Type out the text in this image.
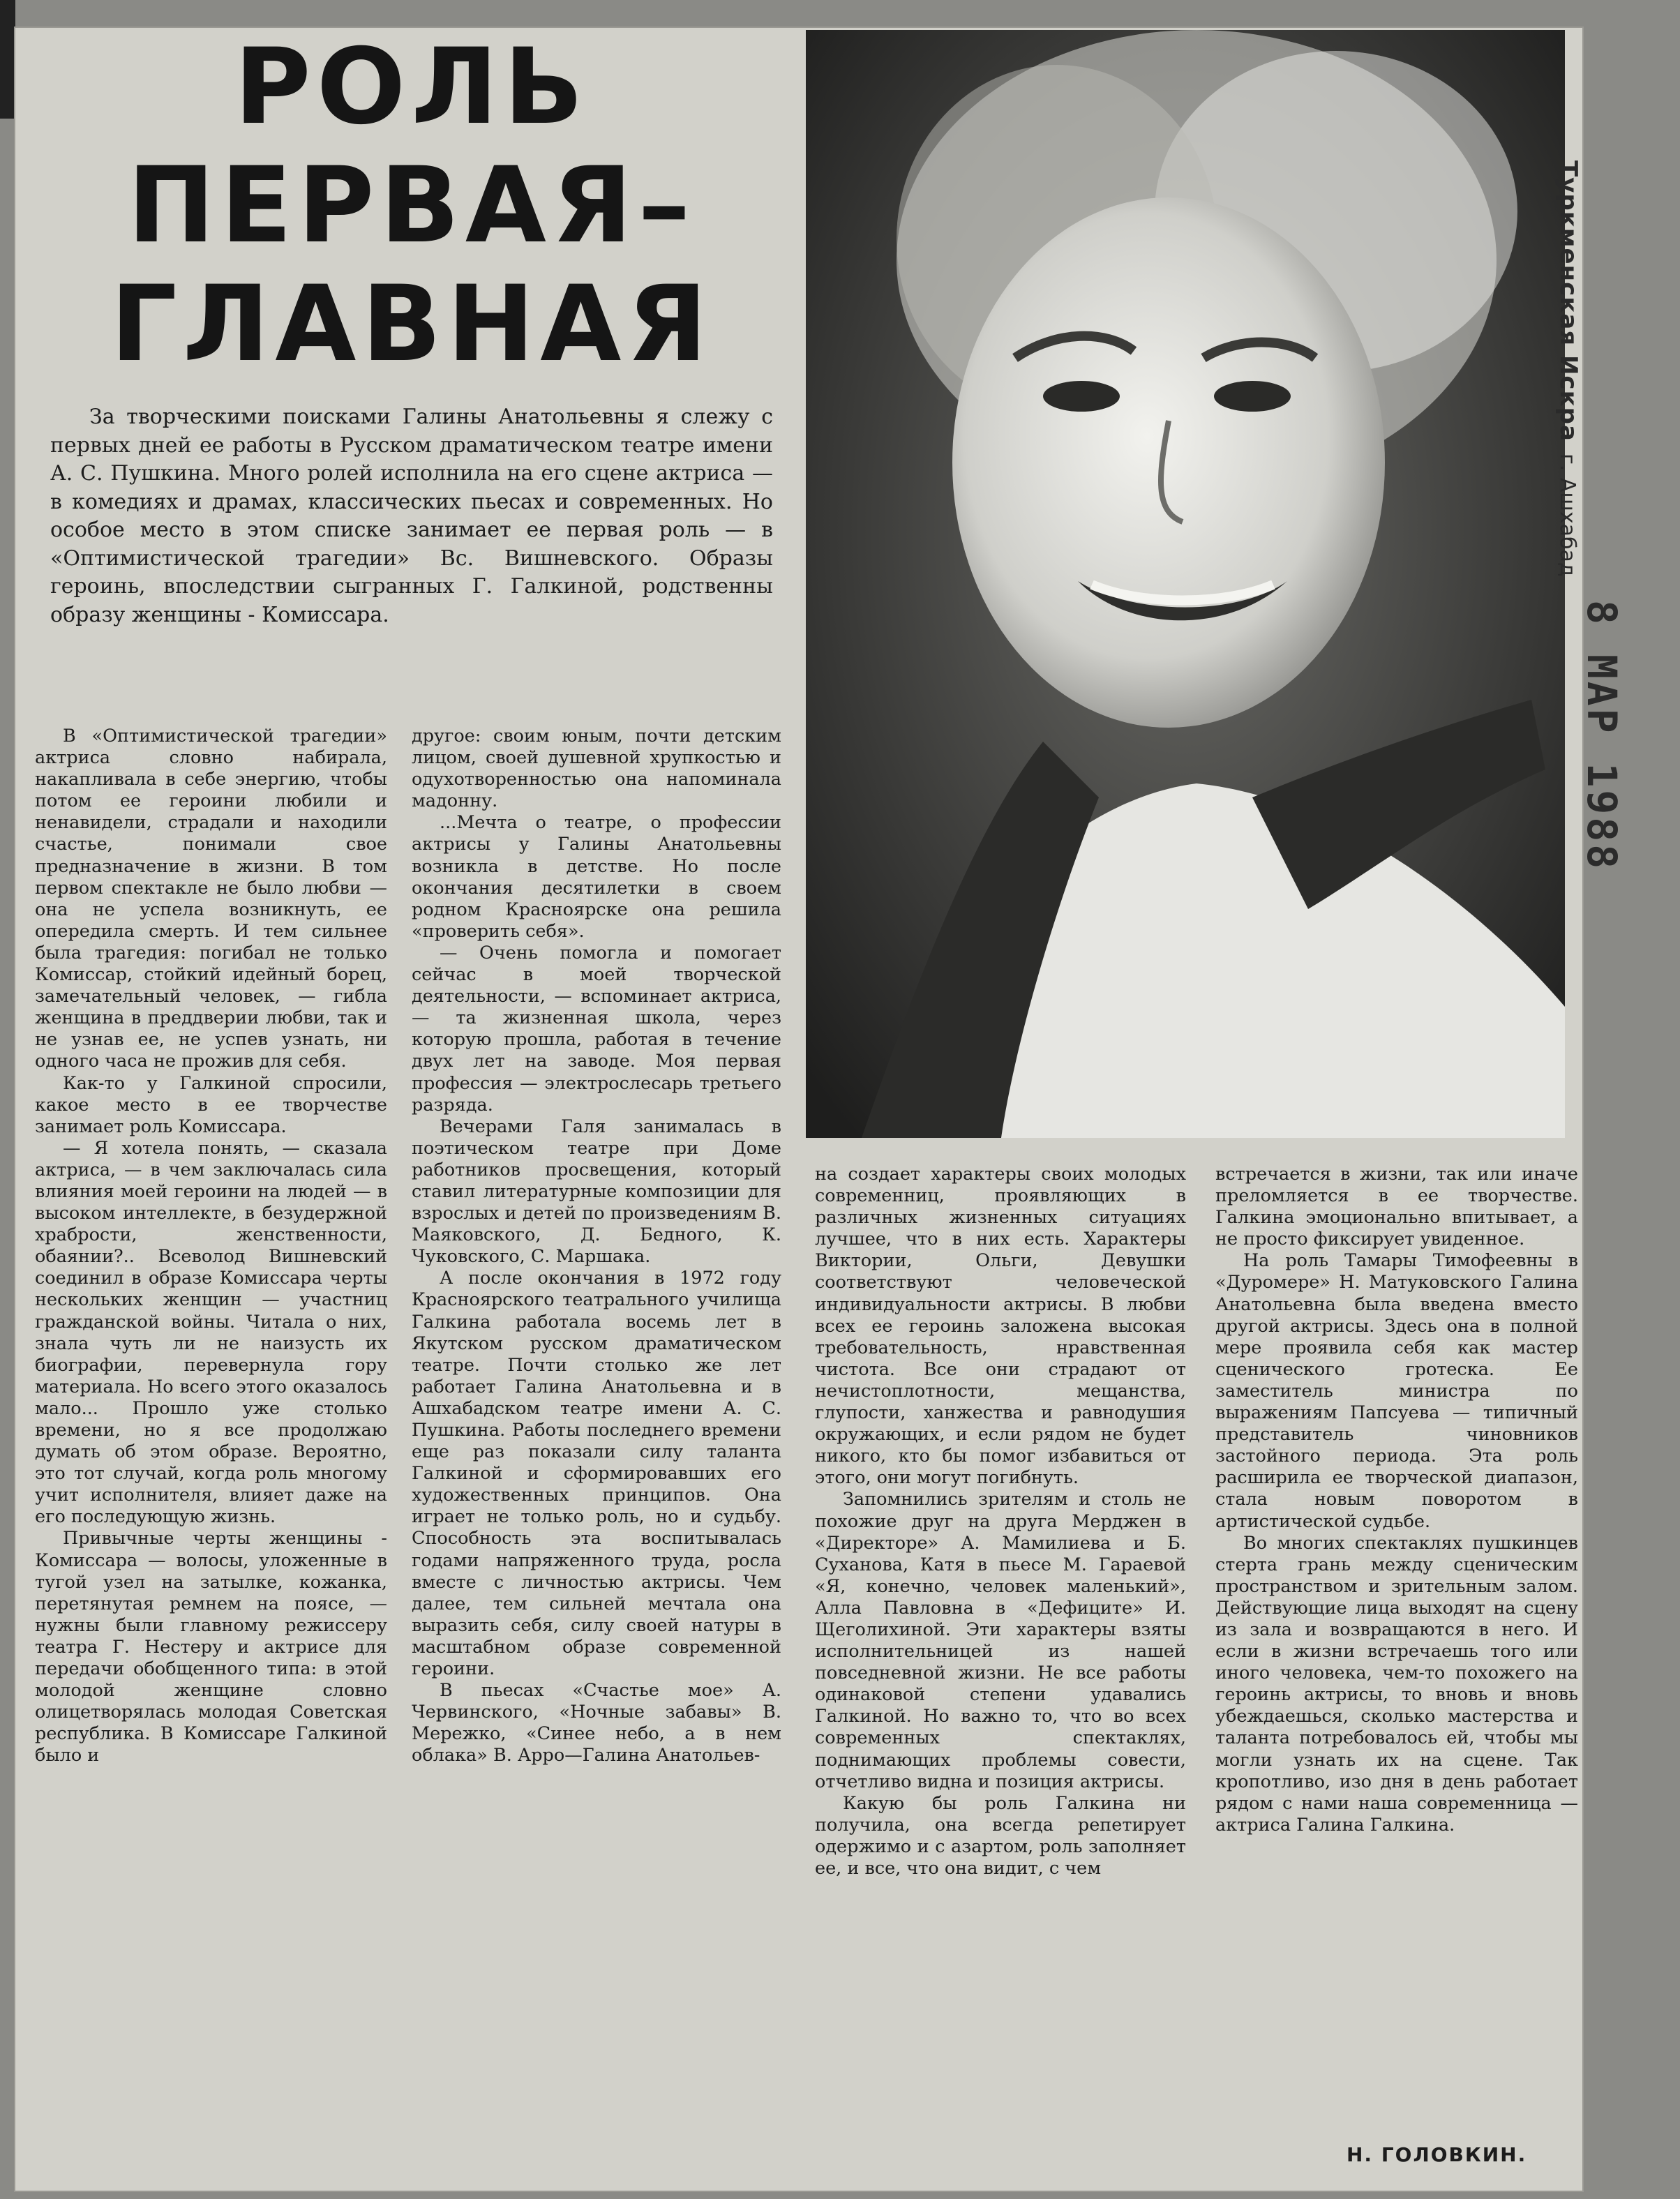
РОЛЬ
ПЕРВАЯ–
ГЛАВНАЯ
За творческими поисками Галины Анатольевны я слежу с первых дней ее работы в Русском драматическом театре имени А. С. Пушкина. Много ролей исполнила на его сцене актриса — в комедиях и драмах, классических пьесах и современных. Но особое место в этом списке занимает ее первая роль — в «Оптимистической трагедии» Вс. Вишневского. Образы героинь, впоследствии сыгранных Г. Галкиной, родственны образу женщины - Комиссара.
Туркменская Искра г. Ашхабад
8 МАР 1988

В «Оптимистической трагедии» актриса словно набирала, накапливала в себе энергию, чтобы потом ее героини любили и ненавидели, страдали и находили счастье, понимали свое предназначение в жизни. В том первом спектакле не было любви — она не успела возникнуть, ее опередила смерть. И тем сильнее была трагедия: погибал не только Комиссар, стойкий идейный борец, замечательный человек, — гибла женщина в преддверии любви, так и не узнав ее, не успев узнать, ни одного часа не прожив для себя.

Как-то у Галкиной спросили, какое место в ее творчестве занимает роль Комиссара.

— Я хотела понять, — сказала актриса, — в чем заключалась сила влияния моей героини на людей — в высоком интеллекте, в безудержной храбрости, женственности, обаянии?.. Всеволод Вишневский соединил в образе Комиссара черты нескольких женщин — участниц гражданской войны. Читала о них, знала чуть ли не наизусть их биографии, перевернула гору материала. Но всего этого оказалось мало... Прошло уже столько времени, но я все продолжаю думать об этом образе. Вероятно, это тот случай, когда роль многому учит исполнителя, влияет даже на его последующую жизнь.

Привычные черты женщины - Комиссара — волосы, уложенные в тугой узел на затылке, кожанка, перетянутая ремнем на поясе, — нужны были главному режиссеру театра Г. Нестеру и актрисе для передачи обобщенного типа: в этой молодой женщине словно олицетворялась молодая Советская республика. В Комиссаре Галкиной было и

другое: своим юным, почти детским лицом, своей душевной хрупкостью и одухотворенностью она напоминала мадонну.

...Мечта о театре, о профессии актрисы у Галины Анатольевны возникла в детстве. Но после окончания десятилетки в своем родном Красноярске она решила «проверить себя».

— Очень помогла и помогает сейчас в моей творческой деятельности, — вспоминает актриса, — та жизненная школа, через которую прошла, работая в течение двух лет на заводе. Моя первая профессия — электрослесарь третьего разряда.

Вечерами Галя занималась в поэтическом театре при Доме работников просвещения, который ставил литературные композиции для взрослых и детей по произведениям В. Маяковского, Д. Бедного, К. Чуковского, С. Маршака.

А после окончания в 1972 году Красноярского театрального училища Галкина работала восемь лет в Якутском русском драматическом театре. Почти столько же лет работает Галина Анатольевна и в Ашхабадском театре имени А. С. Пушкина. Работы последнего времени еще раз показали силу таланта Галкиной и сформировавших его художественных принципов. Она играет не только роль, но и судьбу. Способность эта воспитывалась годами напряженного труда, росла вместе с личностью актрисы. Чем далее, тем сильней мечтала она выразить себя, силу своей натуры в масштабном образе современной героини.

В пьесах «Счастье мое» А. Червинского, «Ночные забавы» В. Мережко, «Синее небо, а в нем облака» В. Арро—Галина Анатольев-

на создает характеры своих молодых современниц, проявляющих в различных жизненных ситуациях лучшее, что в них есть. Характеры Виктории, Ольги, Девушки соответствуют человеческой индивидуальности актрисы. В любви всех ее героинь заложена высокая требовательность, нравственная чистота. Все они страдают от нечистоплотности, мещанства, глупости, ханжества и равнодушия окружающих, и если рядом не будет никого, кто бы помог избавиться от этого, они могут погибнуть.

Запомнились зрителям и столь не похожие друг на друга Мерджен в «Директоре» А. Мамилиева и Б. Суханова, Катя в пьесе М. Гараевой «Я, конечно, человек маленький», Алла Павловна в «Дефиците» И. Щеголихиной. Эти характеры взяты исполнительницей из нашей повседневной жизни. Не все работы одинаковой степени удавались Галкиной. Но важно то, что во всех современных спектаклях, поднимающих проблемы совести, отчетливо видна и позиция актрисы.

Какую бы роль Галкина ни получила, она всегда репетирует одержимо и с азартом, роль заполняет ее, и все, что она видит, с чем

встречается в жизни, так или иначе преломляется в ее творчестве. Галкина эмоционально впитывает, а не просто фиксирует увиденное.

На роль Тамары Тимофеевны в «Дуромере» Н. Матуковского Галина Анатольевна была введена вместо другой актрисы. Здесь она в полной мере проявила себя как мастер сценического гротеска. Ее заместитель министра по выражениям Папсуева — типичный представитель чиновников застойного периода. Эта роль расширила ее творческой диапазон, стала новым поворотом в артистической судьбе.

Во многих спектаклях пушкинцев стерта грань между сценическим пространством и зрительным залом. Действующие лица выходят на сцену из зала и возвращаются в него. И если в жизни встречаешь того или иного человека, чем-то похожего на героинь актрисы, то вновь и вновь убеждаешься, сколько мастерства и таланта потребовалось ей, чтобы мы могли узнать их на сцене. Так кропотливо, изо дня в день работает рядом с нами наша современница — актриса Галина Галкина.

Н. ГОЛОВКИН.
